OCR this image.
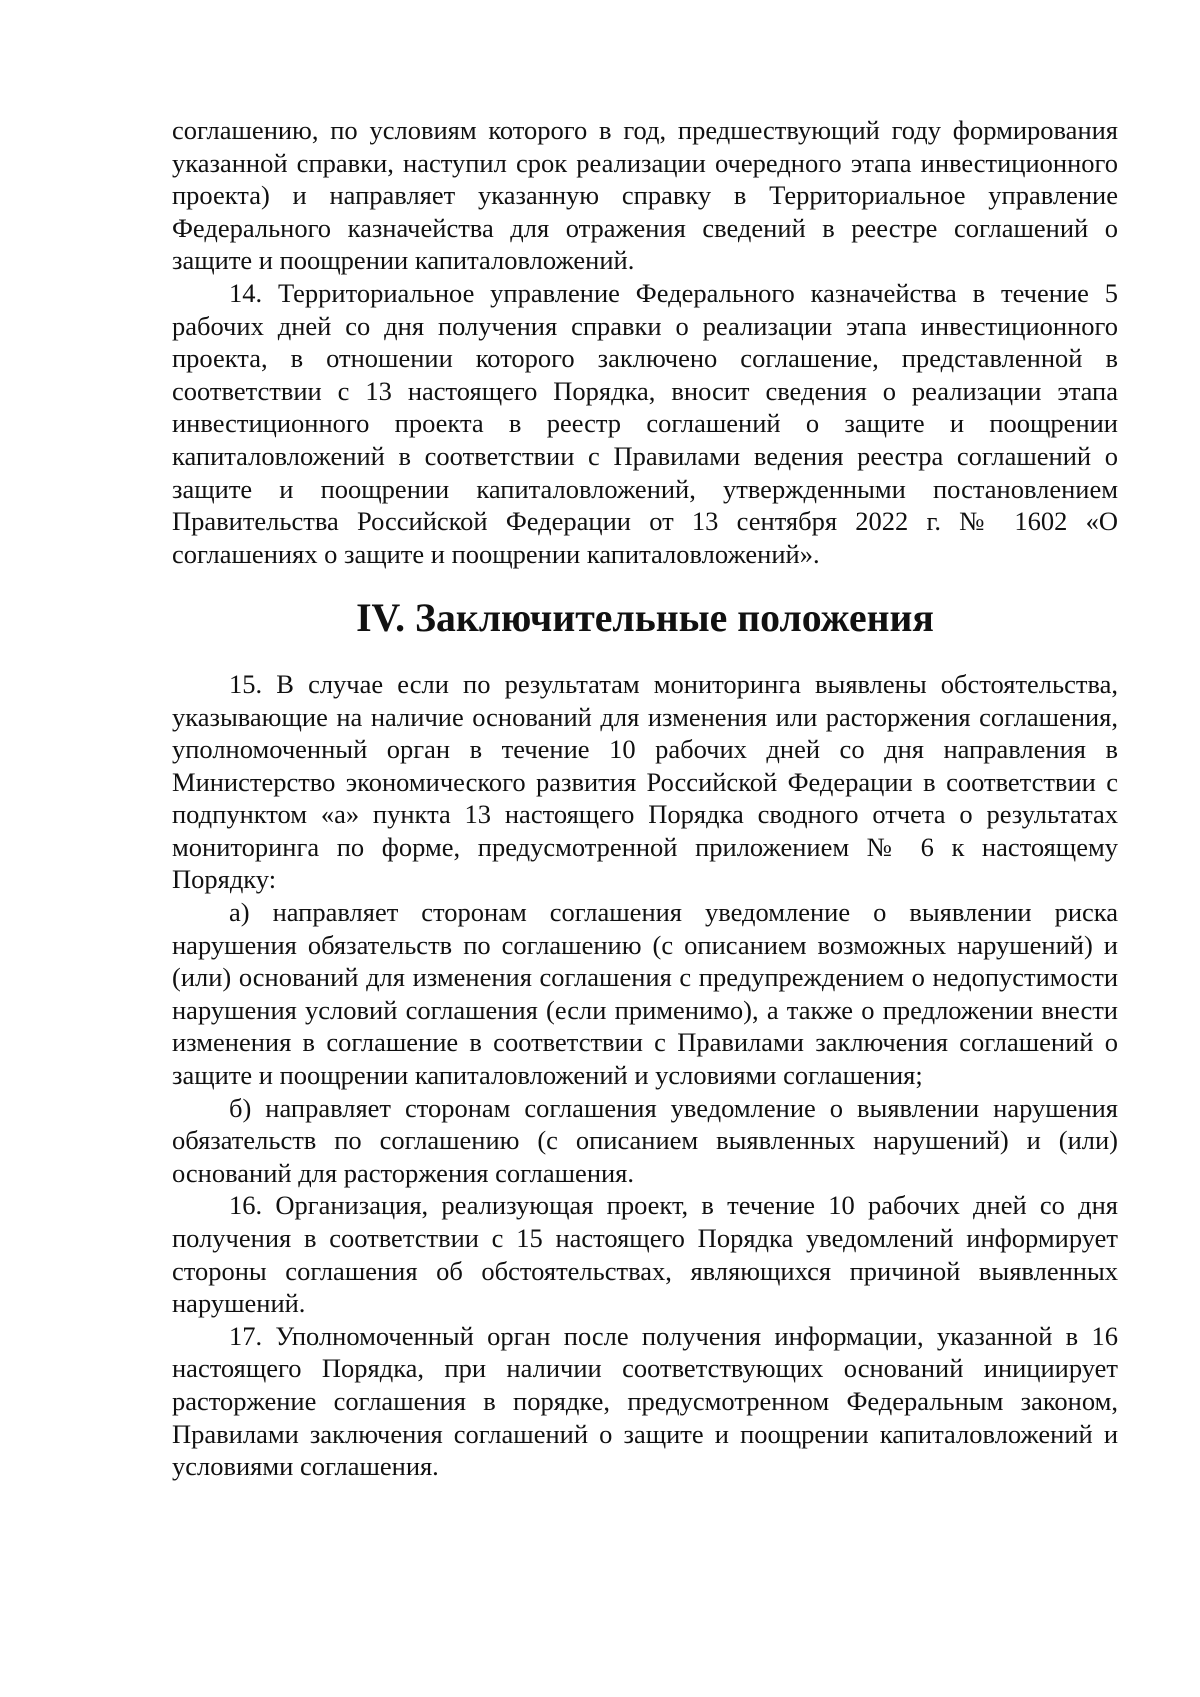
соглашению, по условиям которого в год, предшествующий году формирования указанной справки, наступил срок реализации очередного этапа инвестиционного проекта) и направляет указанную справку в Территориальное управление Федерального казначейства для отражения сведений в реестре соглашений о защите и поощрении капиталовложений.

14. Территориальное управление Федерального казначейства в течение 5 рабочих дней со дня получения справки о реализации этапа инвестиционного проекта, в отношении которого заключено соглашение, представленной в соответствии с 13 настоящего Порядка, вносит сведения о реализации этапа инвестиционного проекта в реестр соглашений о защите и поощрении капиталовложений в соответствии с Правилами ведения реестра соглашений о защите и поощрении капиталовложений, утвержденными постановлением Правительства Российской Федерации от 13 сентября 2022 г. № 1602 «О соглашениях о защите и поощрении капиталовложений».

IV. Заключительные положения

15. В случае если по результатам мониторинга выявлены обстоятельства, указывающие на наличие оснований для изменения или расторжения соглашения, уполномоченный орган в течение 10 рабочих дней со дня направления в Министерство экономического развития Российской Федерации в соответствии с подпунктом «а» пункта 13 настоящего Порядка сводного отчета о результатах мониторинга по форме, предусмотренной приложением № 6 к настоящему Порядку:

а) направляет сторонам соглашения уведомление о выявлении риска нарушения обязательств по соглашению (с описанием возможных нарушений) и (или) оснований для изменения соглашения с предупреждением о недопустимости нарушения условий соглашения (если применимо), а также о предложении внести изменения в соглашение в соответствии с Правилами заключения соглашений о защите и поощрении капиталовложений и условиями соглашения;

б) направляет сторонам соглашения уведомление о выявлении нарушения обязательств по соглашению (с описанием выявленных нарушений) и (или) оснований для расторжения соглашения.

16. Организация, реализующая проект, в течение 10 рабочих дней со дня получения в соответствии с 15 настоящего Порядка уведомлений информирует стороны соглашения об обстоятельствах, являющихся причиной выявленных нарушений.

17. Уполномоченный орган после получения информации, указанной в 16 настоящего Порядка, при наличии соответствующих оснований инициирует расторжение соглашения в порядке, предусмотренном Федеральным законом, Правилами заключения соглашений о защите и поощрении капиталовложений и условиями соглашения.
